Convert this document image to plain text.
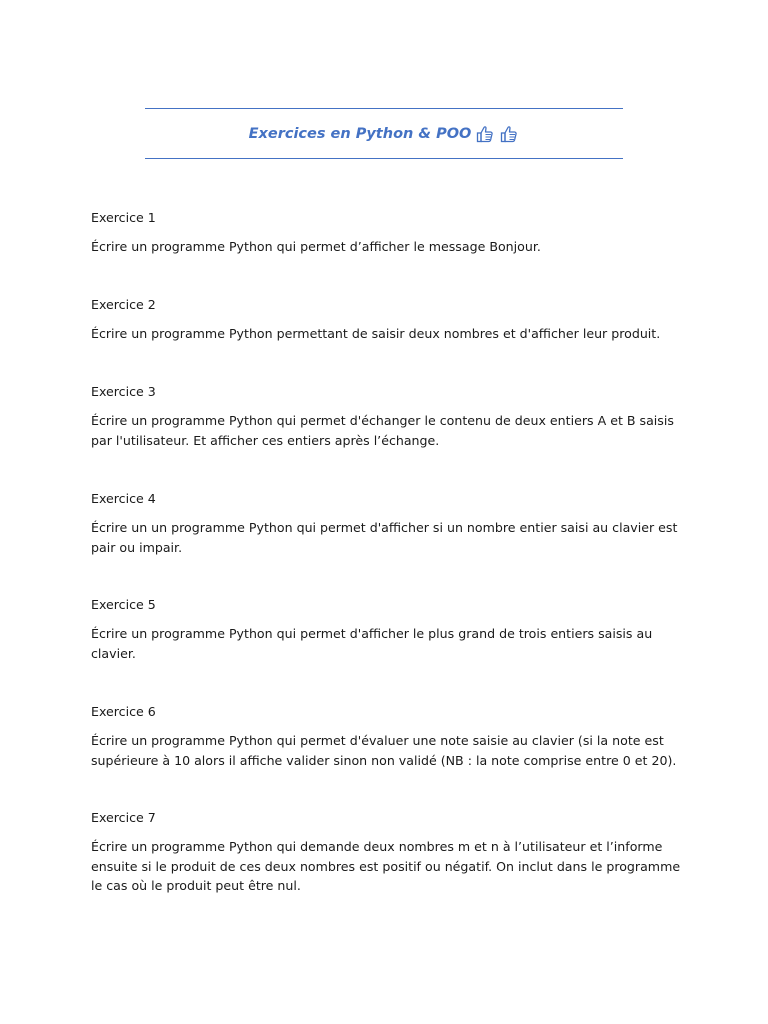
Exercices en Python & POO

Exercice 1

Écrire un programme Python qui permet d’afficher le message Bonjour.

Exercice 2

Écrire un programme Python permettant de saisir deux nombres et d'afficher leur produit.

Exercice 3

Écrire un programme Python qui permet d'échanger le contenu de deux entiers A et B saisis par l'utilisateur. Et afficher ces entiers après l’échange.

Exercice 4

Écrire un un programme Python qui permet d'afficher si un nombre entier saisi au clavier est pair ou impair.

Exercice 5

Écrire un programme Python qui permet d'afficher le plus grand de trois entiers saisis au clavier.

Exercice 6

Écrire un programme Python qui permet d'évaluer une note saisie au clavier (si la note est supérieure à 10 alors il affiche valider sinon non validé (NB : la note comprise entre 0 et 20).

Exercice 7

Écrire un programme Python qui demande deux nombres m et n à l’utilisateur et l’informe ensuite si le produit de ces deux nombres est positif ou négatif. On inclut dans le programme le cas où le produit peut être nul.
